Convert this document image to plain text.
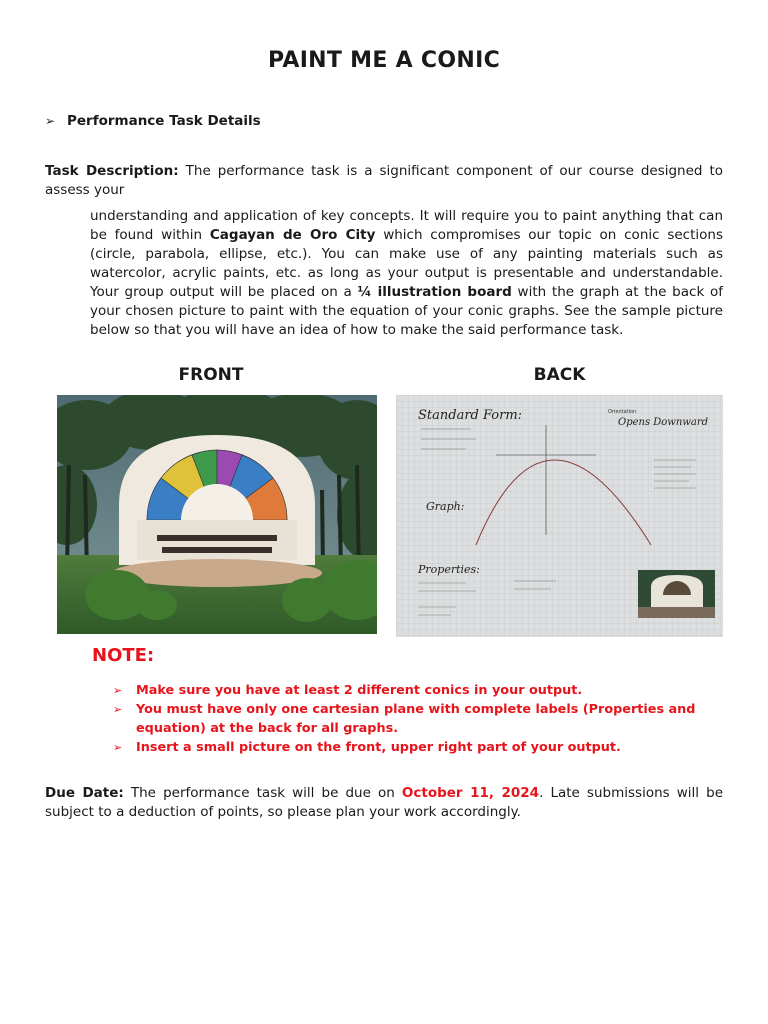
PAINT ME A CONIC
➢ Performance Task Details

Task Description: The performance task is a significant component of our course designed to assess your

understanding and application of key concepts. It will require you to paint anything that can be found within Cagayan de Oro City which compromises our topic on conic sections (circle, parabola, ellipse, etc.). You can make use of any painting materials such as watercolor, acrylic paints, etc. as long as your output is presentable and understandable. Your group output will be placed on a ¼ illustration board with the graph at the back of your chosen picture to paint with the equation of your conic graphs. See the sample picture below so that you will have an idea of how to make the said performance task.

FRONT	BACK
Standard Form:	Orientation
Opens Downward
Graph:
Properties:
NOTE:
➢	Make sure you have at least 2 different conics in your output.
➢	You must have only one cartesian plane with complete labels (Properties and equation) at the back for all graphs.
➢	Insert a small picture on the front, upper right part of your output.

Due Date: The performance task will be due on October 11, 2024. Late submissions will be subject to a deduction of points, so please plan your work accordingly.
